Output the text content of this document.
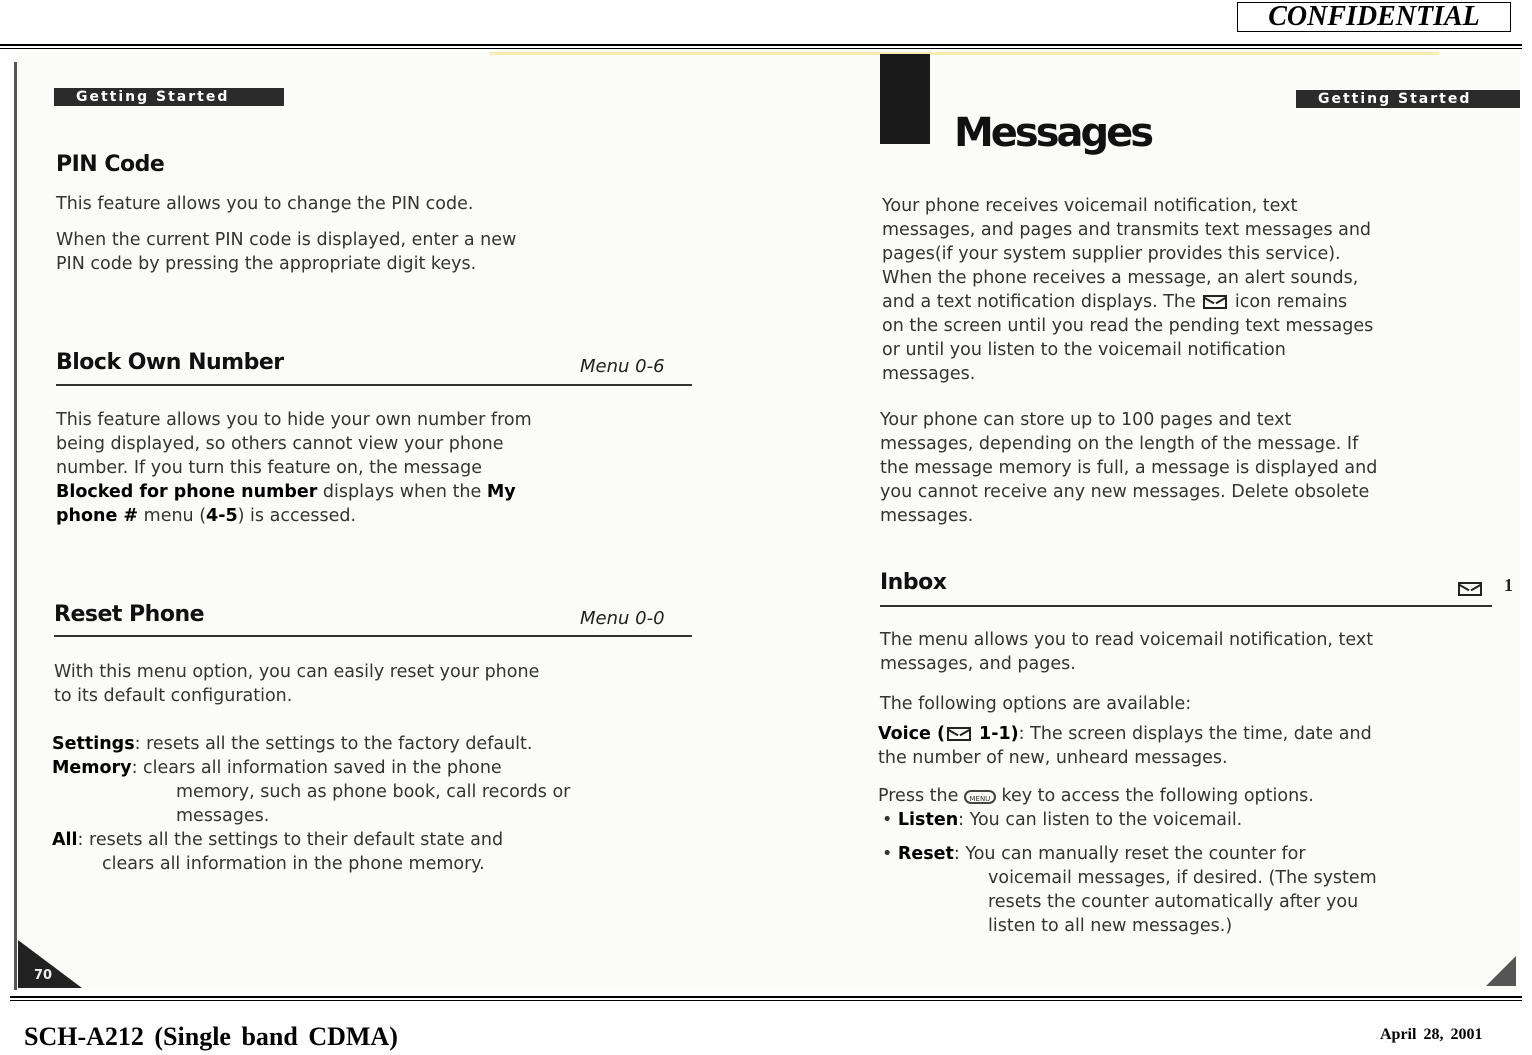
CONFIDENTIAL
Getting Started
PIN Code

This feature allows you to change the PIN code.

When the current PIN code is displayed, enter a new
PIN code by pressing the appropriate digit keys.

Block Own Number	Menu 0-6

This feature allows you to hide your own number from
being displayed, so others cannot view your phone
number. If you turn this feature on, the message
Blocked for phone number displays when the My
phone # menu (4-5) is accessed.

Reset Phone	Menu 0-0

With this menu option, you can easily reset your phone
to its default configuration.

Settings: resets all the settings to the factory default.

Memory: clears all information saved in the phone

memory, such as phone book, call records or
messages.

All: resets all the settings to their default state and

clears all information in the phone memory.

70
Getting Started
Messages

Your phone receives voicemail notification, text
messages, and pages and transmits text messages and
pages(if your system supplier provides this service).
When the phone receives a message, an alert sounds,
and a text notification displays. The  icon remains
on the screen until you read the pending text messages
or until you listen to the voicemail notification
messages.

Your phone can store up to 100 pages and text
messages, depending on the length of the message. If
the message memory is full, a message is displayed and
you cannot receive any new messages. Delete obsolete
messages.

Inbox	1

The menu allows you to read voicemail notification, text
messages, and pages.

The following options are available:

Voice ( 1-1): The screen displays the time, date and
the number of new, unheard messages.

Press the MENU key to access the following options.

• Listen: You can listen to the voicemail.

• Reset: You can manually reset the counter for

voicemail messages, if desired. (The system
resets the counter automatically after you
listen to all new messages.)

SCH-A212 (Single band CDMA)	April 28, 2001
